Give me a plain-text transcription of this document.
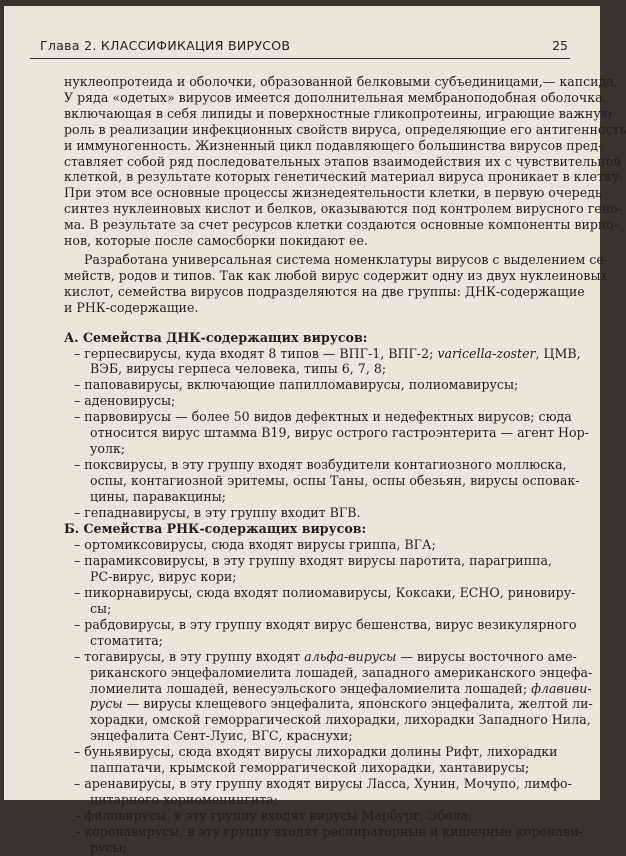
Глава 2. КЛАССИФИКАЦИЯ ВИРУСОВ	25
нуклеопротеида и оболочки, образованной белковыми субъединицами,— капсида.
У ряда «одетых» вирусов имеется дополнительная мембраноподобная оболочка,
включающая в себя липиды и поверхностные гликопротеины, играющие важную
роль в реализации инфекционных свойств вируса, определяющие его антигенность
и иммуногенность. Жизненный цикл подавляющего большинства вирусов пред-
ставляет собой ряд последовательных этапов взаимодействия их с чувствительной
клеткой, в результате которых генетический материал вируса проникает в клетку.
При этом все основные процессы жизнедеятельности клетки, в первую очередь
синтез нуклеиновых кислот и белков, оказываются под контролем вирусного гено-
ма. В результате за счет ресурсов клетки создаются основные компоненты вирио-
нов, которые после самосборки покидают ее.
Разработана универсальная система номенклатуры вирусов с выделением се-
мейств, родов и типов. Так как любой вирус содержит одну из двух нуклеиновых
кислот, семейства вирусов подразделяются на две группы: ДНК-содержащие
и РНК-содержащие.
А. Семейства ДНК-содержащих вирусов:
– герпесвирусы, куда входят 8 типов — ВПГ-1, ВПГ-2; varicella-zoster, ЦМВ,
ВЭБ, вирусы герпеса человека, типы 6, 7, 8;
– паповавирусы, включающие папилломавирусы, полиомавирусы;
– аденовирусы;
– парвовирусы — более 50 видов дефектных и недефектных вирусов; сюда
относится вирус штамма В19, вирус острого гастроэнтерита — агент Нор-
уолк;
– поксвирусы, в эту группу входят возбудители контагиозного моллюска,
оспы, контагиозной эритемы, оспы Таны, оспы обезьян, вирусы осповак-
цины, паравакцины;
– гепаднавирусы, в эту группу входит ВГВ.
Б. Семейства РНК-содержащих вирусов:
– ортомиксовирусы, сюда входят вирусы гриппа, ВГА;
– парамиксовирусы, в эту группу входят вирусы паротита, парагриппа,
РС-вирус, вирус кори;
– пикорнавирусы, сюда входят полиомавирусы, Коксаки, ЕСНО, риновиру-
сы;
– рабдовирусы, в эту группу входят вирус бешенства, вирус везикулярного
стоматита;
– тогавирусы, в эту группу входят альфа-вирусы — вирусы восточного аме-
риканского энцефаломиелита лошадей, западного американского энцефа-
ломиелита лошадей, венесуэльского энцефаломиелита лошадей; флавиви-
русы — вирусы клещевого энцефалита, японского энцефалита, желтой ли-
хорадки, омской геморрагической лихорадки, лихорадки Западного Нила,
энцефалита Сент-Луис, ВГС, краснухи;
– буньявирусы, сюда входят вирусы лихорадки долины Рифт, лихорадки
паппатачи, крымской геморрагической лихорадки, хантавирусы;
– аренавирусы, в эту группу входят вирусы Ласса, Хунин, Мочупо, лимфо-
цитарного хориоменингита;
– филовирусы, в эту группу входят вирусы Марбург, Эбола;
– коронавирусы, в эту группу входят респираторные и кишечные коронави-
русы;
